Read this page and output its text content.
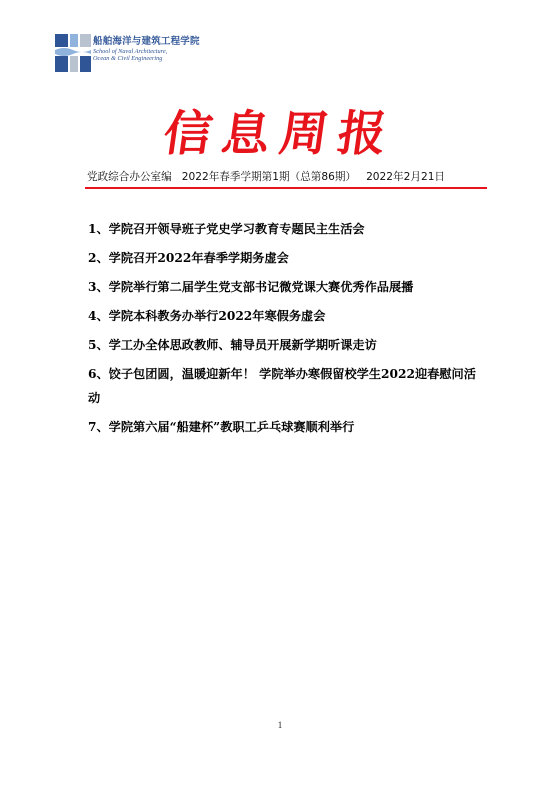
船舶海洋与建筑工程学院
School of Naval Architecture,
Ocean & Civil Engineering
信息周报
党政综合办公室编 2022年春季学期第1期（总第86期） 2022年2月21日
1、学院召开领导班子党史学习教育专题民主生活会
2、学院召开2022年春季学期务虚会
3、学院举行第二届学生党支部书记微党课大赛优秀作品展播
4、学院本科教务办举行2022年寒假务虚会
5、学工办全体思政教师、辅导员开展新学期听课走访
6、饺子包团圆，温暖迎新年！ 学院举办寒假留校学生2022迎春慰问活动
7、学院第六届“船建杯”教职工乒乓球赛顺利举行
1
